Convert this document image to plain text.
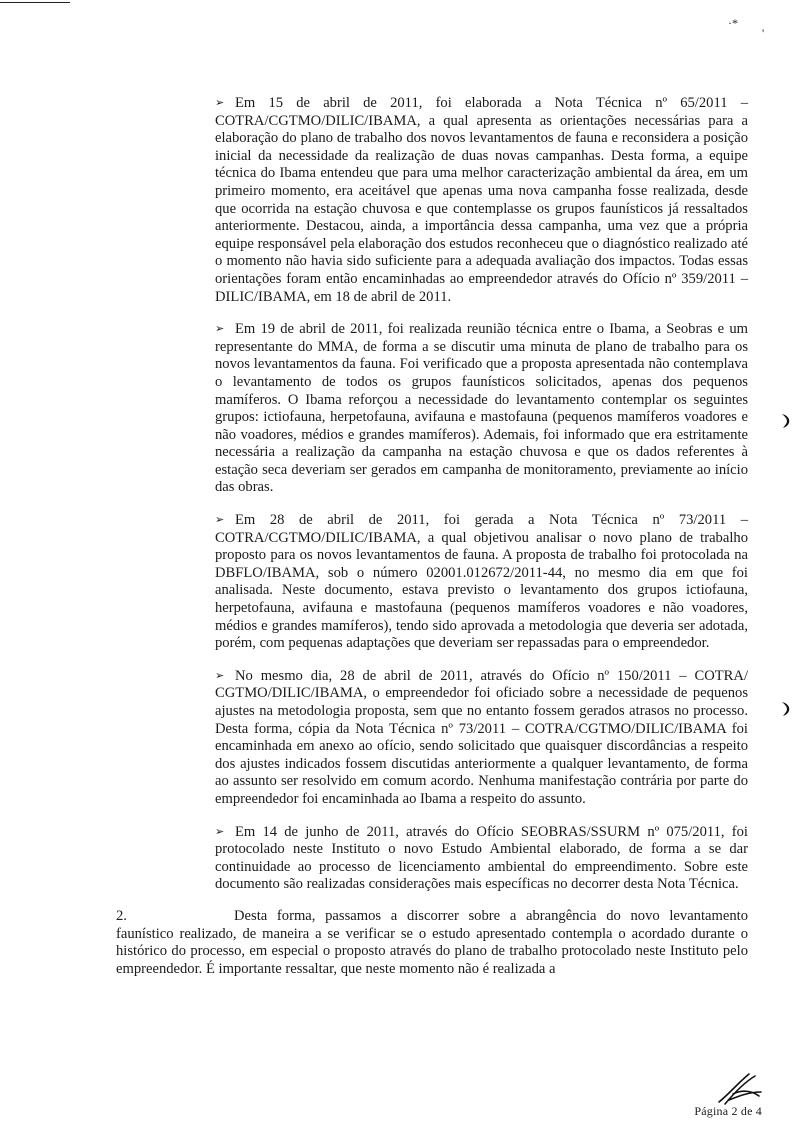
·*
'
➢ Em 15 de abril de 2011, foi elaborada a Nota Técnica nº 65/2011 – COTRA/CGTMO/DILIC/IBAMA, a qual apresenta as orientações necessárias para a elaboração do plano de trabalho dos novos levantamentos de fauna e reconsidera a posição inicial da necessidade da realização de duas novas campanhas. Desta forma, a equipe técnica do Ibama entendeu que para uma melhor caracterização ambiental da área, em um primeiro momento, era aceitável que apenas uma nova campanha fosse realizada, desde que ocorrida na estação chuvosa e que contemplasse os grupos faunísticos já ressaltados anteriormente. Destacou, ainda, a importância dessa campanha, uma vez que a própria equipe responsável pela elaboração dos estudos reconheceu que o diagnóstico realizado até o momento não havia sido suficiente para a adequada avaliação dos impactos. Todas essas orientações foram então encaminhadas ao empreendedor através do Ofício nº 359/2011 – DILIC/IBAMA, em 18 de abril de 2011.
➢ Em 19 de abril de 2011, foi realizada reunião técnica entre o Ibama, a Seobras e um representante do MMA, de forma a se discutir uma minuta de plano de trabalho para os novos levantamentos da fauna. Foi verificado que a proposta apresentada não contemplava o levantamento de todos os grupos faunísticos solicitados, apenas dos pequenos mamíferos. O Ibama reforçou a necessidade do levantamento contemplar os seguintes grupos: ictiofauna, herpetofauna, avifauna e mastofauna (pequenos mamíferos voadores e não voadores, médios e grandes mamíferos). Ademais, foi informado que era estritamente necessária a realização da campanha na estação chuvosa e que os dados referentes à estação seca deveriam ser gerados em campanha de monitoramento, previamente ao início das obras.
➢ Em 28 de abril de 2011, foi gerada a Nota Técnica nº 73/2011 – COTRA/CGTMO/DILIC/IBAMA, a qual objetivou analisar o novo plano de trabalho proposto para os novos levantamentos de fauna. A proposta de trabalho foi protocolada na DBFLO/IBAMA, sob o número 02001.012672/2011-44, no mesmo dia em que foi analisada. Neste documento, estava previsto o levantamento dos grupos ictiofauna, herpetofauna, avifauna e mastofauna (pequenos mamíferos voadores e não voadores, médios e grandes mamíferos), tendo sido aprovada a metodologia que deveria ser adotada, porém, com pequenas adaptações que deveriam ser repassadas para o empreendedor.
➢ No mesmo dia, 28 de abril de 2011, através do Ofício nº 150/2011 – COTRA/ CGTMO/DILIC/IBAMA, o empreendedor foi oficiado sobre a necessidade de pequenos ajustes na metodologia proposta, sem que no entanto fossem gerados atrasos no processo. Desta forma, cópia da Nota Técnica nº 73/2011 – COTRA/CGTMO/DILIC/IBAMA foi encaminhada em anexo ao ofício, sendo solicitado que quaisquer discordâncias a respeito dos ajustes indicados fossem discutidas anteriormente a qualquer levantamento, de forma ao assunto ser resolvido em comum acordo. Nenhuma manifestação contrária por parte do empreendedor foi encaminhada ao Ibama a respeito do assunto.
➢ Em 14 de junho de 2011, através do Ofício SEOBRAS/SSURM nº 075/2011, foi protocolado neste Instituto o novo Estudo Ambiental elaborado, de forma a se dar continuidade ao processo de licenciamento ambiental do empreendimento. Sobre este documento são realizadas considerações mais específicas no decorrer desta Nota Técnica.
2.	Desta forma, passamos a discorrer sobre a abrangência do novo levantamento faunístico realizado, de maneira a se verificar se o estudo apresentado contempla o acordado durante o histórico do processo, em especial o proposto através do plano de trabalho protocolado neste Instituto pelo empreendedor. É importante ressaltar, que neste momento não é realizada a
Página 2 de 4
